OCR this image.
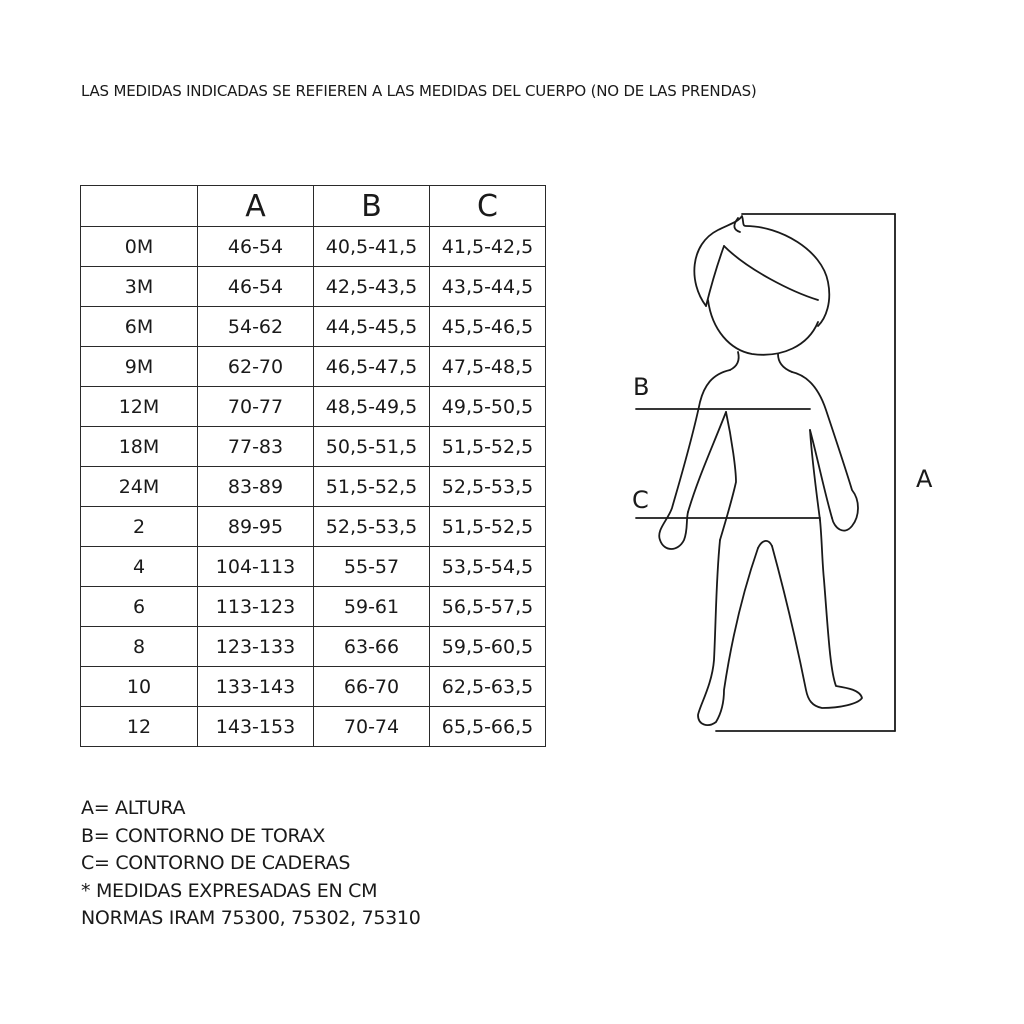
LAS MEDIDAS INDICADAS SE REFIEREN A LAS MEDIDAS DEL CUERPO (NO DE LAS PRENDAS)
	A	B	C
0M	46-54	40,5-41,5	41,5-42,5
3M	46-54	42,5-43,5	43,5-44,5
6M	54-62	44,5-45,5	45,5-46,5
9M	62-70	46,5-47,5	47,5-48,5
12M	70-77	48,5-49,5	49,5-50,5
18M	77-83	50,5-51,5	51,5-52,5
24M	83-89	51,5-52,5	52,5-53,5
2	89-95	52,5-53,5	51,5-52,5
4	104-113	55-57	53,5-54,5
6	113-123	59-61	56,5-57,5
8	123-133	63-66	59,5-60,5
10	133-143	66-70	62,5-63,5
12	143-153	70-74	65,5-66,5
B
C
A
A= ALTURA
B= CONTORNO DE TORAX
C= CONTORNO DE CADERAS
* MEDIDAS EXPRESADAS EN CM
NORMAS IRAM 75300, 75302, 75310
